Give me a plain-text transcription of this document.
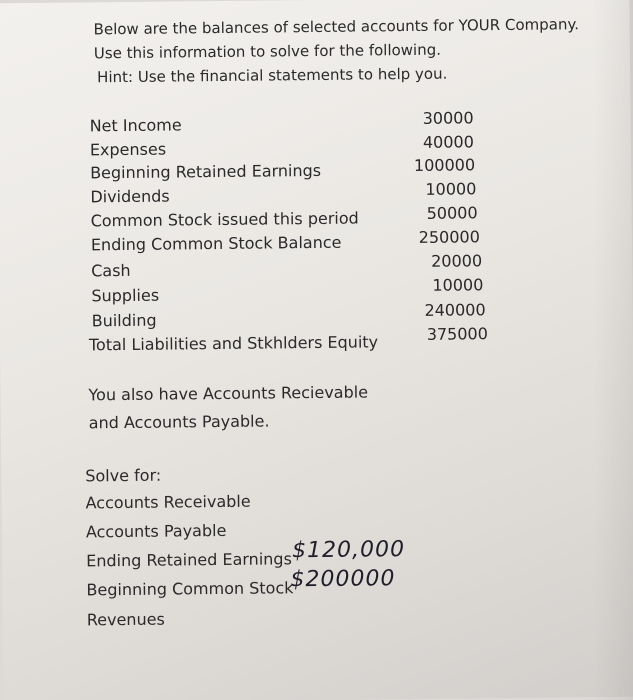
Below are the balances of selected accounts for YOUR Company.
Use this information to solve for the following.
Hint: Use the financial statements to help you.
Net Income
Expenses
Beginning Retained Earnings
Dividends
Common Stock issued this period
Ending Common Stock Balance
Cash
Supplies
Building
Total Liabilities and Stkhlders Equity
30000
40000
100000
10000
50000
250000
20000
10000
240000
375000
You also have Accounts Recievable
and Accounts Payable.
Solve for:
Accounts Receivable
Accounts Payable
Ending Retained Earnings
Beginning Common Stock
Revenues
$120,000
$200000
